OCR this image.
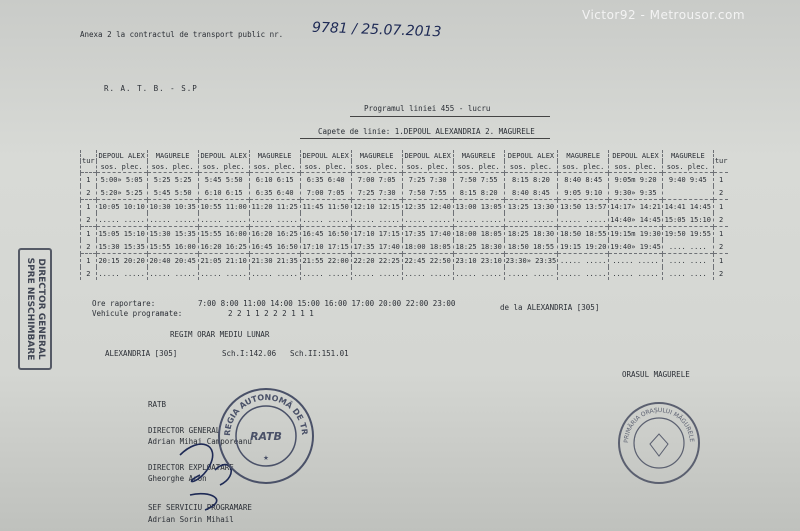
Victor92 - Metrousor.com
Anexa 2 la contractul de transport public nr. 9781 / 25.07.2013
R. A. T. B. - S.P
Programul liniei 455 - lucru
Capete de linie: 1.DEPOUL ALEXANDRIA 2. MAGURELE
tur	DEPOUL ALEX	MAGURELE	DEPOUL ALEX	MAGURELE	DEPOUL ALEX	MAGURELE	DEPOUL ALEX	MAGURELE	DEPOUL ALEX	MAGURELE	DEPOUL ALEX	MAGURELE	tur
	sos. plec.	sos. plec.	sos. plec.	sos. plec.	sos. plec.	sos. plec.	sos. plec.	sos. plec.	sos. plec.	sos. plec.	sos. plec.	sos. plec.	
1	5:00» 5:05	5:25 5:25	5:45 5:50	6:10 6:15	6:35 6:40	7:00 7:05	7:25 7:30	7:50 7:55	8:15 8:20	8:40 8:45	9:05m 9:20	9:40 9:45	1
2	5:20» 5:25	5:45 5:50	6:10 6:15	6:35 6:40	7:00 7:05	7:25 7:30	7:50 7:55	8:15 8:20	8:40 8:45	9:05 9:10	9:30» 9:35		2
1	10:05 10:10	10:30 10:35	10:55 11:00	11:20 11:25	11:45 11:50	12:10 12:15	12:35 12:40	13:00 13:05	13:25 13:30	13:50 13:57	14:17» 14:21	14:41 14:45	1
2	..... .....	..... .....	..... .....	..... .....	..... .....	..... .....	..... .....	..... .....	..... .....	..... .....	14:40» 14:45	15:05 15:10	2
1	15:05 15:10	15:30 15:35	15:55 16:00	16:20 16:25	16:45 16:50	17:10 17:15	17:35 17:40	18:00 18:05	18:25 18:30	18:50 18:55	19:15m 19:30	19:50 19:55	1
2	15:30 15:35	15:55 16:00	16:20 16:25	16:45 16:50	17:10 17:15	17:35 17:40	18:00 18:05	18:25 18:30	18:50 18:55	19:15 19:20	19:40» 19:45	.... ....	2
1	20:15 20:20	20:40 20:45	21:05 21:10	21:30 21:35	21:55 22:00	22:20 22:25	22:45 22:50	23:10 23:10	23:30» 23:35	..... .....	..... .....	.... ....	1
2	..... .....	..... .....	..... .....	..... .....	..... .....	..... .....	..... .....	..... .....	..... .....	..... .....	..... .....	.... ....	2
Ore raportare:	7:00 8:00 11:00 14:00 15:00 16:00 17:00 20:00 22:00 23:00
Vehicule programate:	2 2 1 1 2 2 2 1 1 1
de la ALEXANDRIA [305]
REGIM ORAR MEDIU LUNAR
ALEXANDRIA [305]	Sch.I:142.06 Sch.II:151.01
RATB
DIRECTOR GENERAL
Adrian Mihai Camporeanu
DIRECTOR EXPLOATARE
Gheorghe Aron
SEF SERVICIU PROGRAMARE
Adrian Sorin Mihail
ORASUL MAGURELE
REGIA AUTONOMĂ DE TR
RATB
★
PRIMĂRIA ORAȘULUI MĂGURELE
DIRECTOR GENERAL SPRE NESCHIMBARE
